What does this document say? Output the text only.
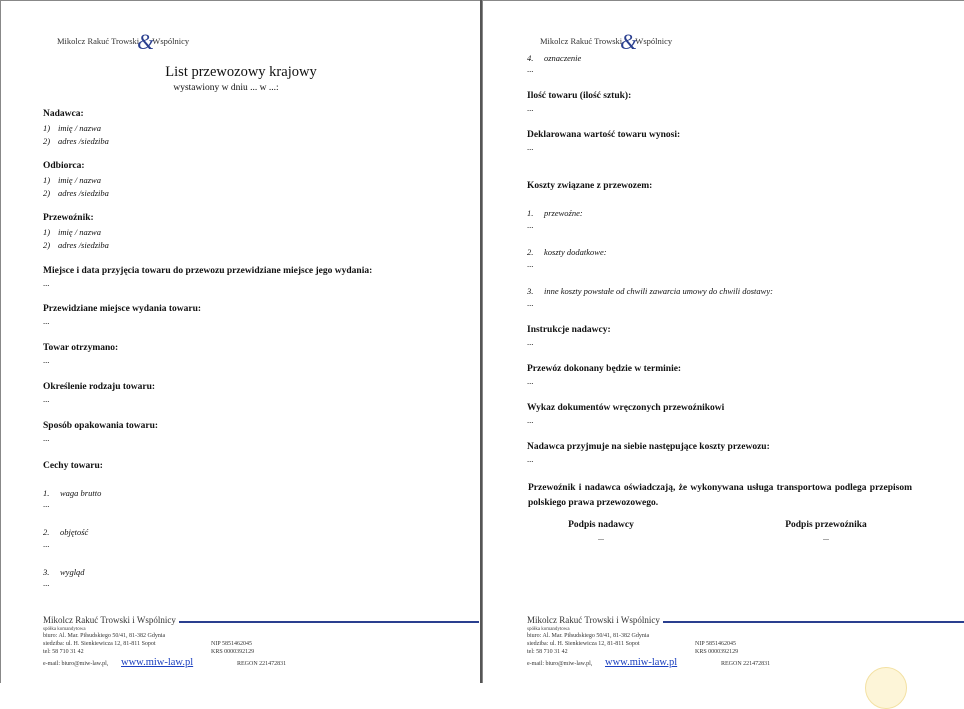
Mikolcz Rakuć Trowski&Wspólnicy
List przewozowy krajowy
wystawiony w dniu ... w ...:
Nadawca:
1) imię / nazwa
2) adres /siedziba
Odbiorca:
1) imię / nazwa
2) adres /siedziba
Przewoźnik:
1) imię / nazwa
2) adres /siedziba
Miejsce i data przyjęcia towaru do przewozu przewidziane miejsce jego wydania:
...
Przewidziane miejsce wydania towaru:
...
Towar otrzymano:
...
Określenie rodzaju towaru:
...
Sposób opakowania towaru:
...
Cechy towaru:
1. waga brutto
...
2. objętość
...
3. wygląd
...
Mikolcz Rakuć Trowski i Wspólnicy
spółka komandytowa
biuro: Al. Mar. Piłsudskiego 50/41, 81-382 Gdynia
siedziba: ul. H. Sienkiewicza 12, 81-811 Sopot	NIP 5851462045
tel: 58 710 31 42	KRS 0000392129
e-mail: biuro@miw-law.pl, www.miw-law.pl	REGON 221472831
Mikolcz Rakuć Trowski&Wspólnicy
4. oznaczenie
...
Ilość towaru (ilość sztuk):
...
Deklarowana wartość towaru wynosi:
...
Koszty związane z przewozem:
1. przewoźne:
...
2. koszty dodatkowe:
...
3. inne koszty powstałe od chwili zawarcia umowy do chwili dostawy:
...
Instrukcje nadawcy:
...
Przewóz dokonany będzie w terminie:
...
Wykaz dokumentów wręczonych przewoźnikowi
...
Nadawca przyjmuje na siebie następujące koszty przewozu:
...
Przewoźnik i nadawca oświadczają, że wykonywana usługa transportowa podlega przepisom polskiego prawa przewozowego.
Podpis nadawcy
...
Podpis przewoźnika
...
Mikolcz Rakuć Trowski i Wspólnicy
spółka komandytowa
biuro: Al. Mar. Piłsudskiego 50/41, 81-382 Gdynia
siedziba: ul. H. Sienkiewicza 12, 81-811 Sopot	NIP 5851462045
tel: 58 710 31 42	KRS 0000392129
e-mail: biuro@miw-law.pl, www.miw-law.pl	REGON 221472831
